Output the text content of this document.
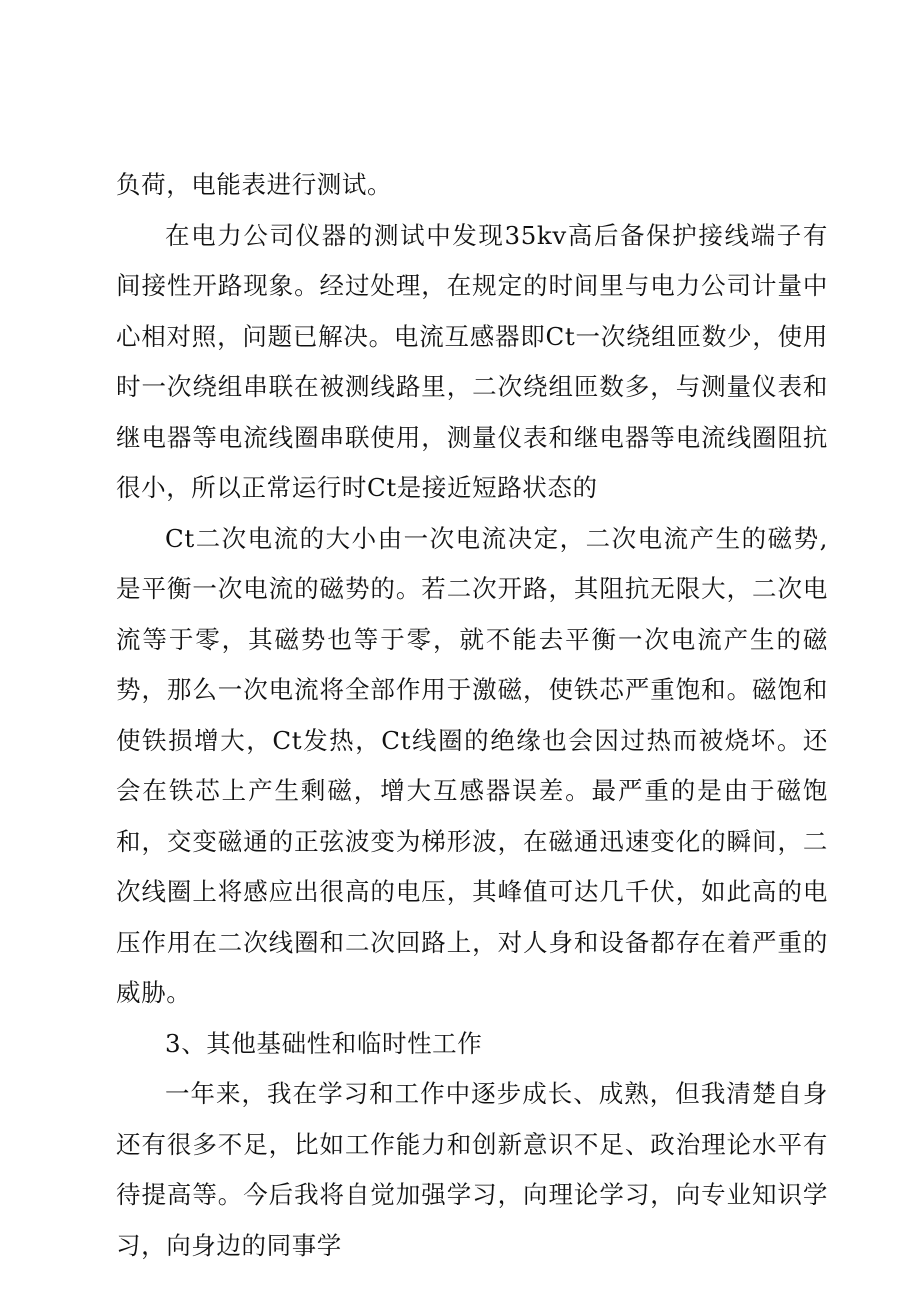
负荷，电能表进行测试。

在电力公司仪器的测试中发现35kv高后备保护接线端子有间接性开路现象。经过处理，在规定的时间里与电力公司计量中心相对照，问题已解决。电流互感器即Ct一次绕组匝数少，使用时一次绕组串联在被测线路里，二次绕组匝数多，与测量仪表和继电器等电流线圈串联使用，测量仪表和继电器等电流线圈阻抗很小，所以正常运行时Ct是接近短路状态的

Ct二次电流的大小由一次电流决定，二次电流产生的磁势,是平衡一次电流的磁势的。若二次开路，其阻抗无限大，二次电流等于零，其磁势也等于零，就不能去平衡一次电流产生的磁势，那么一次电流将全部作用于激磁，使铁芯严重饱和。磁饱和使铁损增大，Ct发热，Ct线圈的绝缘也会因过热而被烧坏。还会在铁芯上产生剩磁，增大互感器误差。最严重的是由于磁饱和，交变磁通的正弦波变为梯形波，在磁通迅速变化的瞬间，二次线圈上将感应出很高的电压，其峰值可达几千伏，如此高的电压作用在二次线圈和二次回路上，对人身和设备都存在着严重的威胁。

3、其他基础性和临时性工作

一年来，我在学习和工作中逐步成长、成熟，但我清楚自身还有很多不足，比如工作能力和创新意识不足、政治理论水平有待提高等。今后我将自觉加强学习，向理论学习，向专业知识学习，向身边的同事学
